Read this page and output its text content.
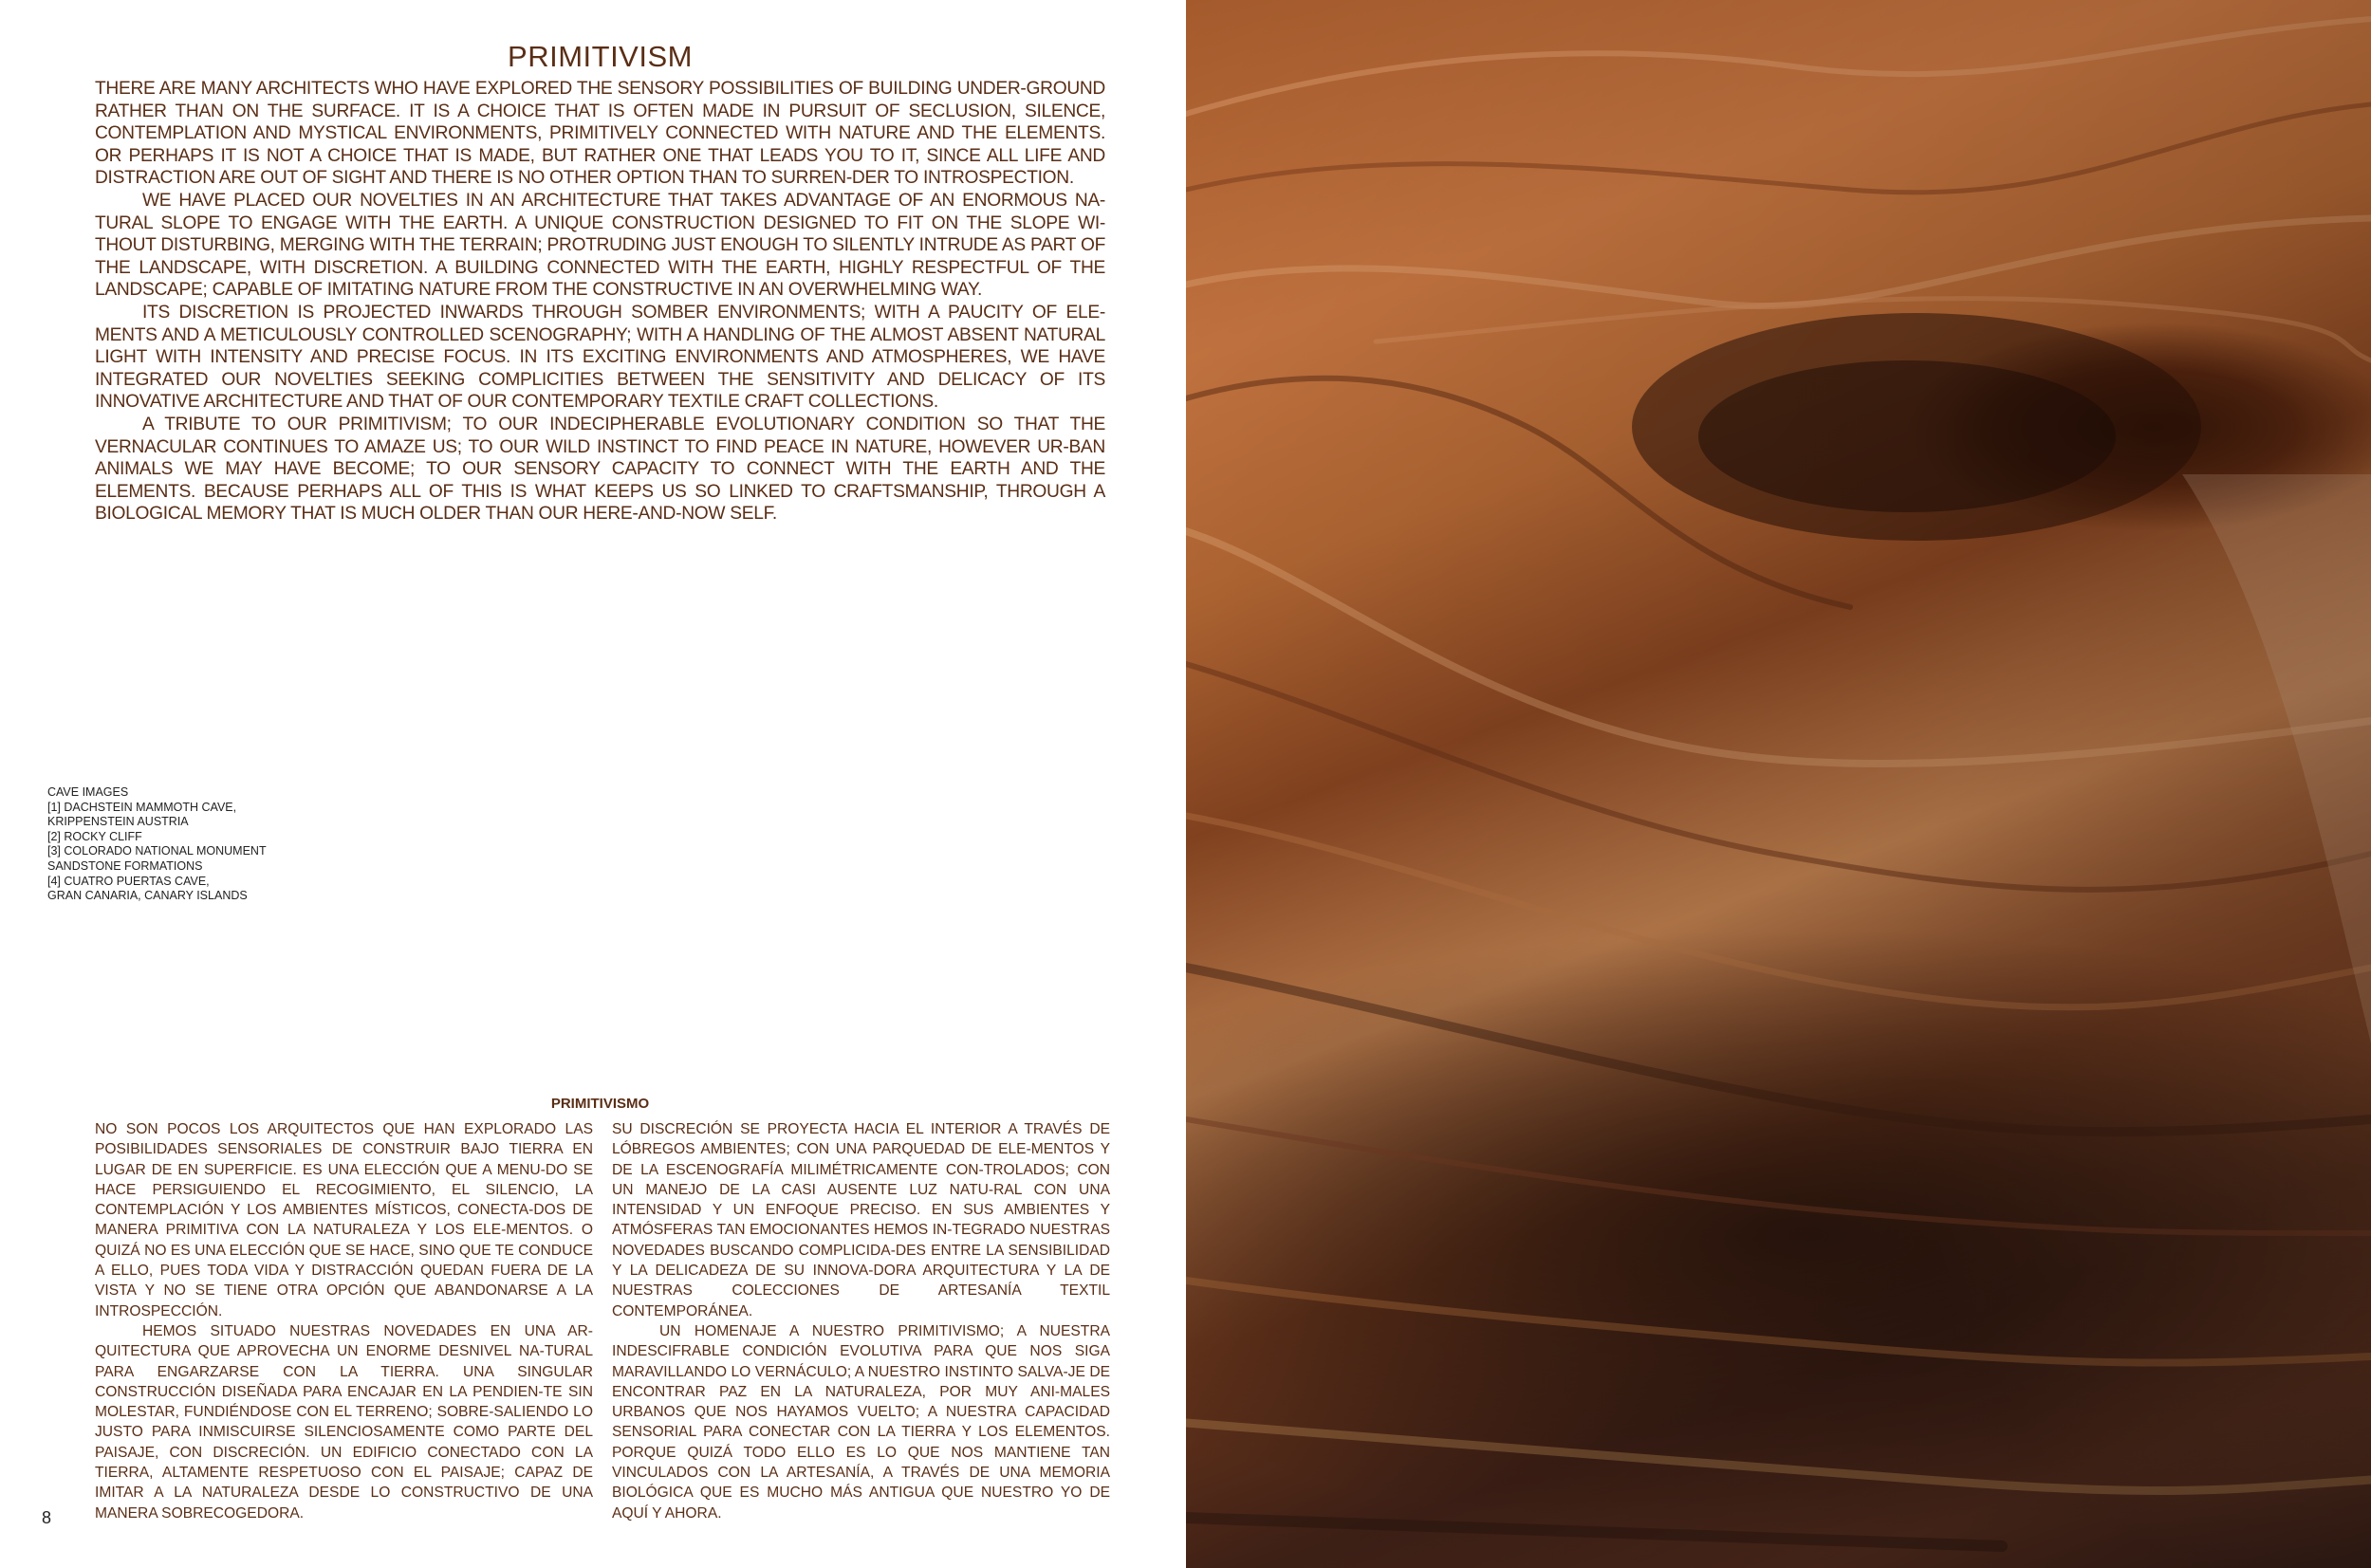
PRIMITIVISM

THERE ARE MANY ARCHITECTS WHO HAVE EXPLORED THE SENSORY POSSIBILITIES OF BUILDING UNDER-GROUND RATHER THAN ON THE SURFACE. IT IS A CHOICE THAT IS OFTEN MADE IN PURSUIT OF SECLUSION, SILENCE, CONTEMPLATION AND MYSTICAL ENVIRONMENTS, PRIMITIVELY CONNECTED WITH NATURE AND THE ELEMENTS. OR PERHAPS IT IS NOT A CHOICE THAT IS MADE, BUT RATHER ONE THAT LEADS YOU TO IT, SINCE ALL LIFE AND DISTRACTION ARE OUT OF SIGHT AND THERE IS NO OTHER OPTION THAN TO SURREN-DER TO INTROSPECTION.

WE HAVE PLACED OUR NOVELTIES IN AN ARCHITECTURE THAT TAKES ADVANTAGE OF AN ENORMOUS NA-TURAL SLOPE TO ENGAGE WITH THE EARTH. A UNIQUE CONSTRUCTION DESIGNED TO FIT ON THE SLOPE WI-THOUT DISTURBING, MERGING WITH THE TERRAIN; PROTRUDING JUST ENOUGH TO SILENTLY INTRUDE AS PART OF THE LANDSCAPE, WITH DISCRETION. A BUILDING CONNECTED WITH THE EARTH, HIGHLY RESPECTFUL OF THE LANDSCAPE; CAPABLE OF IMITATING NATURE FROM THE CONSTRUCTIVE IN AN OVERWHELMING WAY.

ITS DISCRETION IS PROJECTED INWARDS THROUGH SOMBER ENVIRONMENTS; WITH A PAUCITY OF ELE-MENTS AND A METICULOUSLY CONTROLLED SCENOGRAPHY; WITH A HANDLING OF THE ALMOST ABSENT NATURAL LIGHT WITH INTENSITY AND PRECISE FOCUS. IN ITS EXCITING ENVIRONMENTS AND ATMOSPHERES, WE HAVE INTEGRATED OUR NOVELTIES SEEKING COMPLICITIES BETWEEN THE SENSITIVITY AND DELICACY OF ITS INNOVATIVE ARCHITECTURE AND THAT OF OUR CONTEMPORARY TEXTILE CRAFT COLLECTIONS.

A TRIBUTE TO OUR PRIMITIVISM; TO OUR INDECIPHERABLE EVOLUTIONARY CONDITION SO THAT THE VERNACULAR CONTINUES TO AMAZE US; TO OUR WILD INSTINCT TO FIND PEACE IN NATURE, HOWEVER UR-BAN ANIMALS WE MAY HAVE BECOME; TO OUR SENSORY CAPACITY TO CONNECT WITH THE EARTH AND THE ELEMENTS. BECAUSE PERHAPS ALL OF THIS IS WHAT KEEPS US SO LINKED TO CRAFTSMANSHIP, THROUGH A BIOLOGICAL MEMORY THAT IS MUCH OLDER THAN OUR HERE-AND-NOW SELF.

CAVE IMAGES
[1] DACHSTEIN MAMMOTH CAVE,
KRIPPENSTEIN AUSTRIA
[2] ROCKY CLIFF
[3] COLORADO NATIONAL MONUMENT
SANDSTONE FORMATIONS
[4] CUATRO PUERTAS CAVE,
GRAN CANARIA, CANARY ISLANDS
PRIMITIVISMO

NO SON POCOS LOS ARQUITECTOS QUE HAN EXPLORADO LAS POSIBILIDADES SENSORIALES DE CONSTRUIR BAJO TIERRA EN LUGAR DE EN SUPERFICIE. ES UNA ELECCIÓN QUE A MENU-DO SE HACE PERSIGUIENDO EL RECOGIMIENTO, EL SILENCIO, LA CONTEMPLACIÓN Y LOS AMBIENTES MÍSTICOS, CONECTA-DOS DE MANERA PRIMITIVA CON LA NATURALEZA Y LOS ELE-MENTOS. O QUIZÁ NO ES UNA ELECCIÓN QUE SE HACE, SINO QUE TE CONDUCE A ELLO, PUES TODA VIDA Y DISTRACCIÓN QUEDAN FUERA DE LA VISTA Y NO SE TIENE OTRA OPCIÓN QUE ABANDONARSE A LA INTROSPECCIÓN.

HEMOS SITUADO NUESTRAS NOVEDADES EN UNA AR-QUITECTURA QUE APROVECHA UN ENORME DESNIVEL NA-TURAL PARA ENGARZARSE CON LA TIERRA. UNA SINGULAR CONSTRUCCIÓN DISEÑADA PARA ENCAJAR EN LA PENDIEN-TE SIN MOLESTAR, FUNDIÉNDOSE CON EL TERRENO; SOBRE-SALIENDO LO JUSTO PARA INMISCUIRSE SILENCIOSAMENTE COMO PARTE DEL PAISAJE, CON DISCRECIÓN. UN EDIFICIO CONECTADO CON LA TIERRA, ALTAMENTE RESPETUOSO CON EL PAISAJE; CAPAZ DE IMITAR A LA NATURALEZA DESDE LO CONSTRUCTIVO DE UNA MANERA SOBRECOGEDORA.

SU DISCRECIÓN SE PROYECTA HACIA EL INTERIOR A TRAVÉS DE LÓBREGOS AMBIENTES; CON UNA PARQUEDAD DE ELE-MENTOS Y DE LA ESCENOGRAFÍA MILIMÉTRICAMENTE CON-TROLADOS; CON UN MANEJO DE LA CASI AUSENTE LUZ NATU-RAL CON UNA INTENSIDAD Y UN ENFOQUE PRECISO. EN SUS AMBIENTES Y ATMÓSFERAS TAN EMOCIONANTES HEMOS IN-TEGRADO NUESTRAS NOVEDADES BUSCANDO COMPLICIDA-DES ENTRE LA SENSIBILIDAD Y LA DELICADEZA DE SU INNOVA-DORA ARQUITECTURA Y LA DE NUESTRAS COLECCIONES DE ARTESANÍA TEXTIL CONTEMPORÁNEA.

UN HOMENAJE A NUESTRO PRIMITIVISMO; A NUESTRA INDESCIFRABLE CONDICIÓN EVOLUTIVA PARA QUE NOS SIGA MARAVILLANDO LO VERNÁCULO; A NUESTRO INSTINTO SALVA-JE DE ENCONTRAR PAZ EN LA NATURALEZA, POR MUY ANI-MALES URBANOS QUE NOS HAYAMOS VUELTO; A NUESTRA CAPACIDAD SENSORIAL PARA CONECTAR CON LA TIERRA Y LOS ELEMENTOS. PORQUE QUIZÁ TODO ELLO ES LO QUE NOS MANTIENE TAN VINCULADOS CON LA ARTESANÍA, A TRAVÉS DE UNA MEMORIA BIOLÓGICA QUE ES MUCHO MÁS ANTIGUA QUE NUESTRO YO DE AQUÍ Y AHORA.

8
